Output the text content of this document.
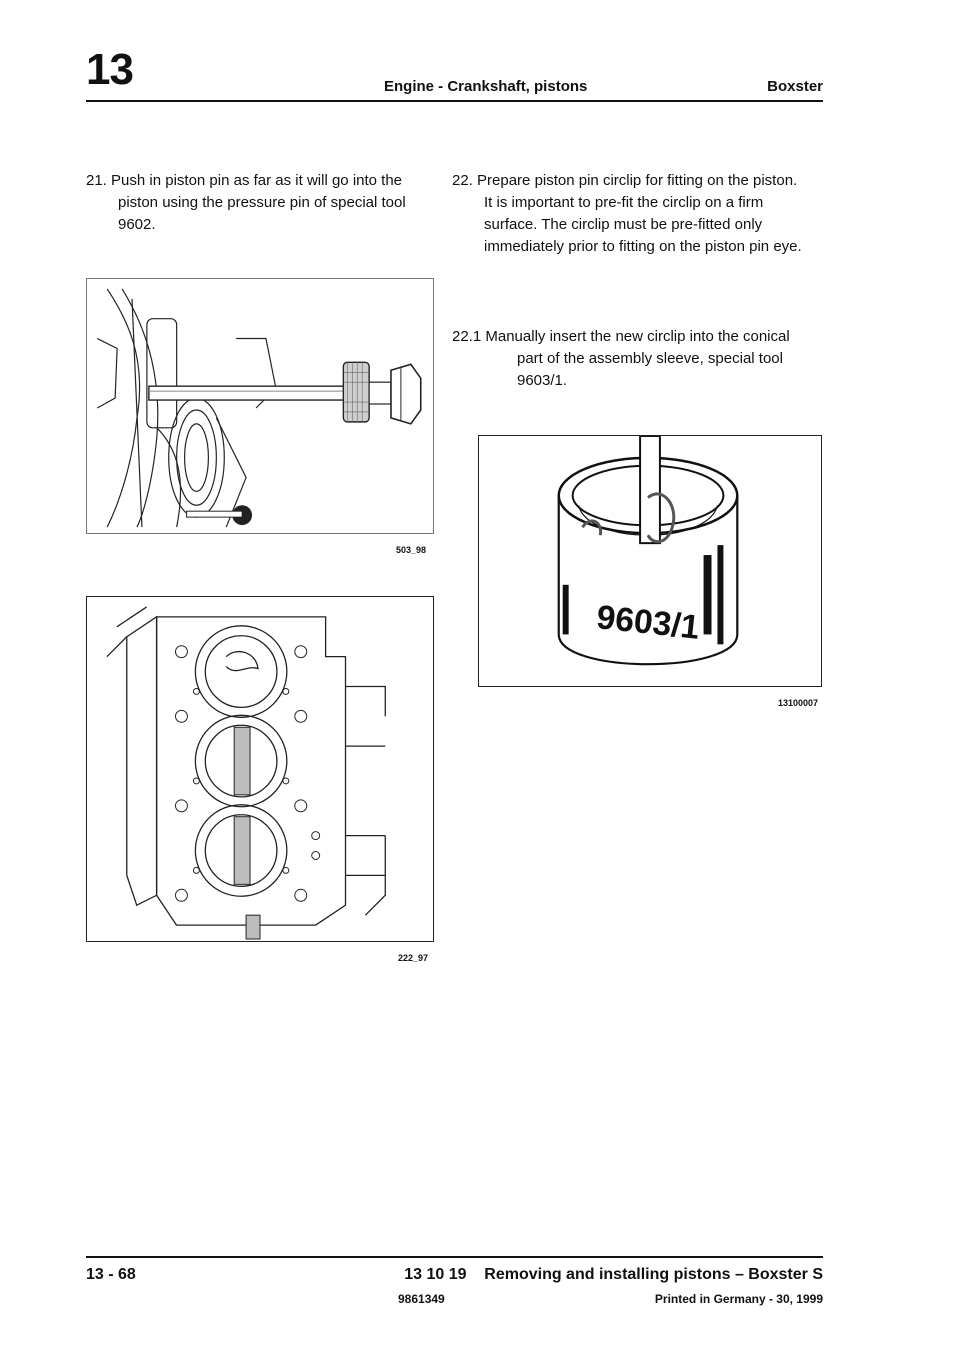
13	Engine - Crankshaft, pistons	Boxster
21. Push in piston pin as far as it will go into the piston using the pressure pin of special tool 9602.
22. Prepare piston pin circlip for fitting on the piston.
It is important to pre-fit the circlip on a firm surface. The circlip must be pre-fitted only immediately prior to fitting on the piston pin eye.
22.1 Manually insert the new circlip into the conical part of the assembly sleeve, special tool 9603/1.
503_98
222_97
9603/1
13100007
13 - 68	13 10 19    Removing and installing pistons – Boxster S
9861349	Printed in Germany - 30, 1999
